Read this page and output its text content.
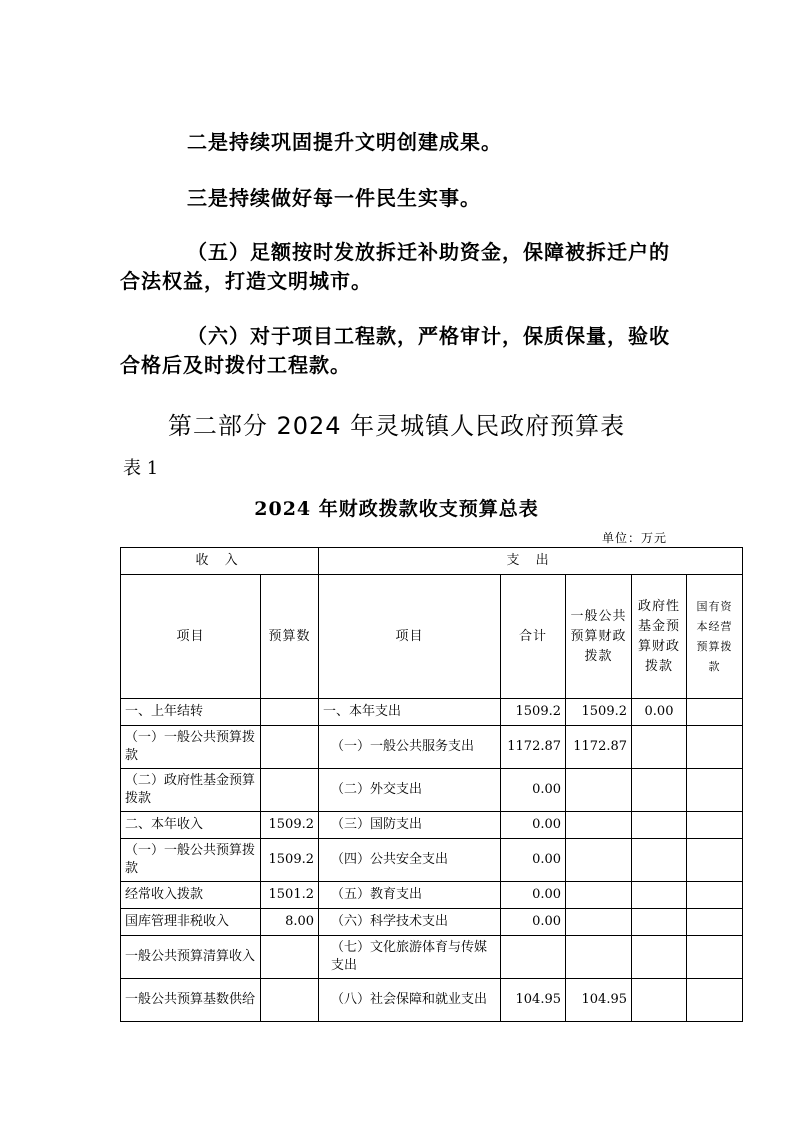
二是持续巩固提升文明创建成果。
三是持续做好每一件民生实事。
（五）足额按时发放拆迁补助资金，保障被拆迁户的
合法权益，打造文明城市。
（六）对于项目工程款，严格审计，保质保量，验收
合格后及时拨付工程款。
第二部分 2024 年灵城镇人民政府预算表
表 1
2024 年财政拨款收支预算总表
单位：万元
收 入		支 出				
项目	预算数	项目	合计	一般公共预算财政拨款	政府性基金预算财政拨款	国有资本经营预算拨款
一、上年结转		一、本年支出	1509.2	1509.2	0.00	
（一）一般公共预算拨款		（一）一般公共服务支出	1172.87	1172.87		
（二）政府性基金预算拨款		（二）外交支出	0.00			
二、本年收入	1509.2	（三）国防支出	0.00			
（一）一般公共预算拨款	1509.2	（四）公共安全支出	0.00			
经常收入拨款	1501.2	（五）教育支出	0.00			
国库管理非税收入	8.00	（六）科学技术支出	0.00			
一般公共预算清算收入		（七）文化旅游体育与传媒支出				
一般公共预算基数供给		（八）社会保障和就业支出	104.95	104.95		
